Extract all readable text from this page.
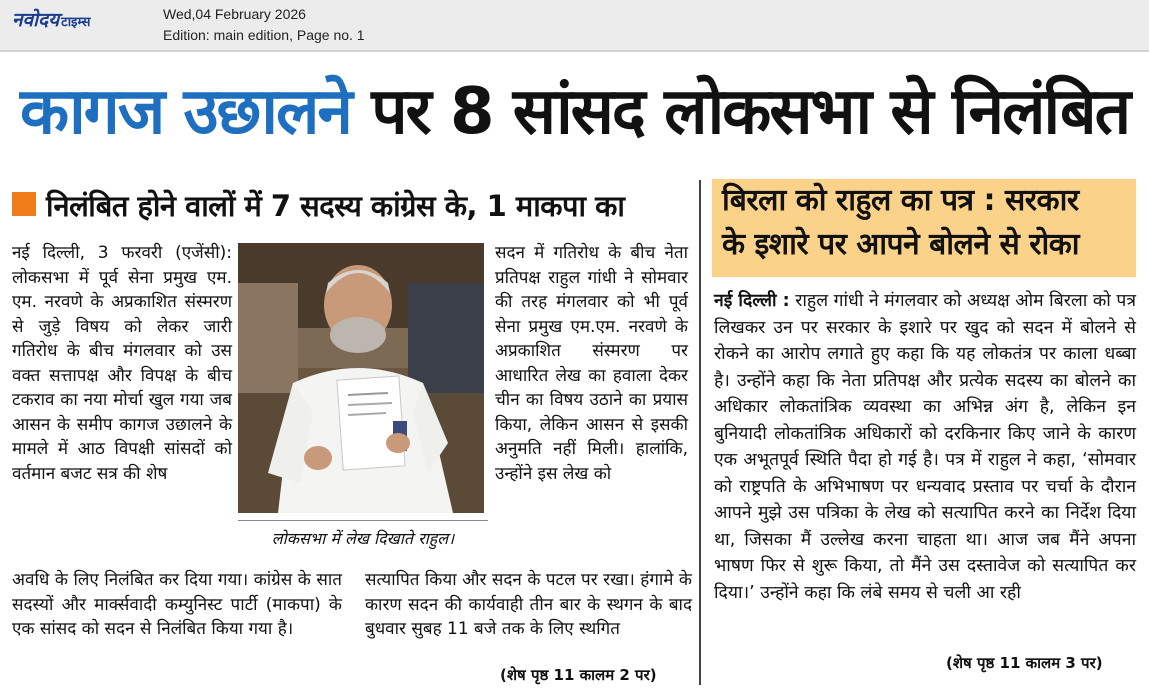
नवोदय टाइम्स
Wed,04 February 2026
Edition: main edition, Page no. 1
कागज उछालने पर 8 सांसद लोकसभा से निलंबित
निलंबित होने वालों में 7 सदस्य कांग्रेस के, 1 माकपा का
नई दिल्ली, 3 फरवरी (एजेंसी): लोकसभा में पूर्व सेना प्रमुख एम. एम. नरवणे के अप्रकाशित संस्मरण से जुड़े विषय को लेकर जारी गतिरोध के बीच मंगलवार को उस वक्त सत्तापक्ष और विपक्ष के बीच टकराव का नया मोर्चा खुल गया जब आसन के समीप कागज उछालने के मामले में आठ विपक्षी सांसदों को वर्तमान बजट सत्र की शेष
लोकसभा में लेख दिखाते राहुल।
सदन में गतिरोध के बीच नेता प्रतिपक्ष राहुल गांधी ने सोमवार की तरह मंगलवार को भी पूर्व सेना प्रमुख एम.एम. नरवणे के अप्रकाशित संस्मरण पर आधारित लेख का हवाला देकर चीन का विषय उठाने का प्रयास किया, लेकिन आसन से इसकी अनुमति नहीं मिली। हालांकि, उन्होंने इस लेख को
अवधि के लिए निलंबित कर दिया गया। कांग्रेस के सात सदस्यों और मार्क्सवादी कम्युनिस्ट पार्टी (माकपा) के एक सांसद को सदन से निलंबित किया गया है।
सत्यापित किया और सदन के पटल पर रखा। हंगामे के कारण सदन की कार्यवाही तीन बार के स्थगन के बाद बुधवार सुबह 11 बजे तक के लिए स्थगित
(शेष पृष्ठ 11 कालम 2 पर)
बिरला को राहुल का पत्र : सरकार
के इशारे पर आपने बोलने से रोका
नई दिल्ली : राहुल गांधी ने मंगलवार को अध्यक्ष ओम बिरला को पत्र लिखकर उन पर सरकार के इशारे पर खुद को सदन में बोलने से रोकने का आरोप लगाते हुए कहा कि यह लोकतंत्र पर काला धब्बा है। उन्होंने कहा कि नेता प्रतिपक्ष और प्रत्येक सदस्य का बोलने का अधिकार लोकतांत्रिक व्यवस्था का अभिन्न अंग है, लेकिन इन बुनियादी लोकतांत्रिक अधिकारों को दरकिनार किए जाने के कारण एक अभूतपूर्व स्थिति पैदा हो गई है। पत्र में राहुल ने कहा, ‘सोमवार को राष्ट्रपति के अभिभाषण पर धन्यवाद प्रस्ताव पर चर्चा के दौरान आपने मुझे उस पत्रिका के लेख को सत्यापित करने का निर्देश दिया था, जिसका मैं उल्लेख करना चाहता था। आज जब मैंने अपना भाषण फिर से शुरू किया, तो मैंने उस दस्तावेज को सत्यापित कर दिया।’ उन्होंने कहा कि लंबे समय से चली आ रही
(शेष पृष्ठ 11 कालम 3 पर)
